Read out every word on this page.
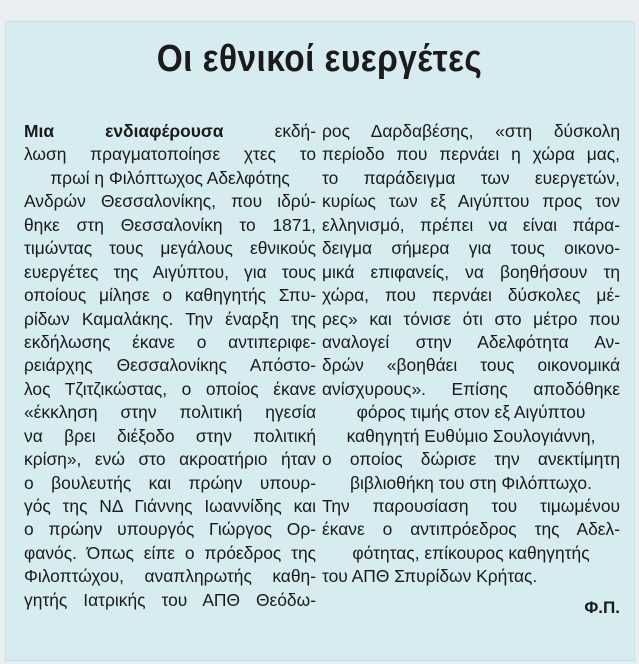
Οι εθνικοί ευεργέτες
Μια ενδιαφέρουσα εκδή-
λωση πραγματοποίησε χτες το
πρωί η Φιλόπτωχος Αδελφότης
Ανδρών Θεσσαλονίκης, που ιδρύ-
θηκε στη Θεσσαλονίκη το 1871,
τιμώντας τους μεγάλους εθνικούς
ευεργέτες της Αιγύπτου, για τους
οποίους μίλησε ο καθηγητής Σπυ-
ρίδων Καμαλάκης. Την έναρξη της
εκδήλωσης έκανε ο αντιπεριφε-
ρειάρχης Θεσσαλονίκης Απόστο-
λος Τζιτζικώστας, ο οποίος έκανε
«έκκληση στην πολιτική ηγεσία
να βρει διέξοδο στην πολιτική
κρίση», ενώ στο ακροατήριο ήταν
ο βουλευτής και πρώην υπουρ-
γός της ΝΔ Γιάννης Ιωαννίδης και
ο πρώην υπουργός Γιώργος Ορ-
φανός. Όπως είπε ο πρόεδρος της
Φιλοπτώχου, αναπληρωτής καθη-
γητής Ιατρικής του ΑΠΘ Θεόδω-
ρος Δαρδαβέσης, «στη δύσκολη
περίοδο που περνάει η χώρα μας,
το παράδειγμα των ευεργετών,
κυρίως των εξ Αιγύπτου προς τον
ελληνισμό, πρέπει να είναι πάρα-
δειγμα σήμερα για τους οικονο-
μικά επιφανείς, να βοηθήσουν τη
χώρα, που περνάει δύσκολες μέ-
ρες» και τόνισε ότι στο μέτρο που
αναλογεί στην Αδελφότητα Αν-
δρών «βοηθάει τους οικονομικά
ανίσχυρους». Επίσης αποδόθηκε
φόρος τιμής στον εξ Αιγύπτου
καθηγητή Ευθύμιο Σουλογιάννη,
ο οποίος δώρισε την ανεκτίμητη
βιβλιοθήκη του στη Φιλόπτωχο.
Την παρουσίαση του τιμωμένου
έκανε ο αντιπρόεδρος της Αδελ-
φότητας, επίκουρος καθηγητής
του ΑΠΘ Σπυρίδων Κρήτας.
Φ.Π.
